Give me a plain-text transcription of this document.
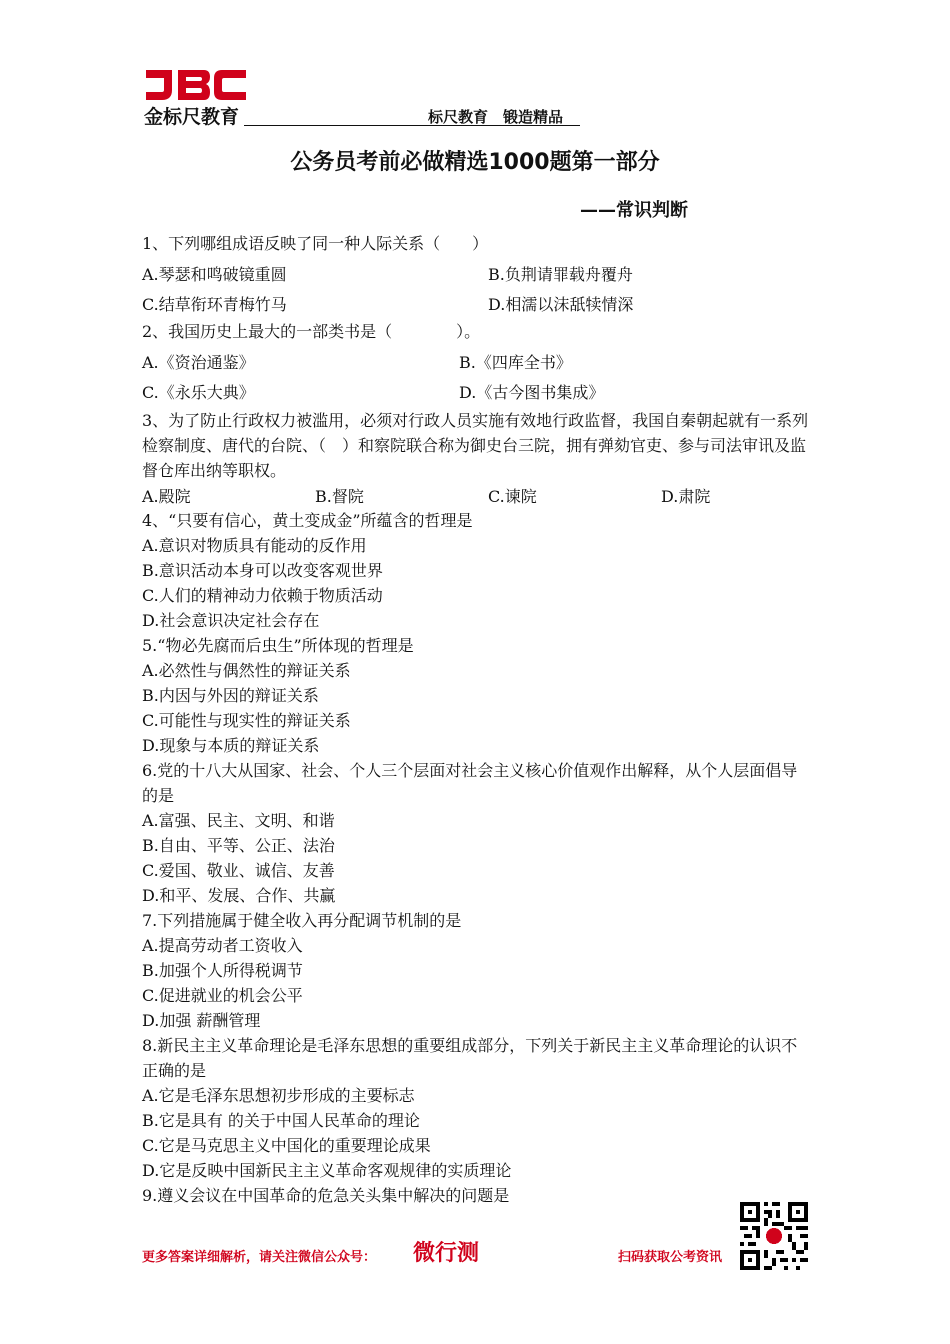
金标尺教育	标尺教育　锻造精品
公务员考前必做精选1000题第一部分
——常识判断
1、下列哪组成语反映了同一种人际关系（　　）
A.琴瑟和鸣破镜重圆	B.负荆请罪载舟覆舟
C.结草衔环青梅竹马	D.相濡以沫舐犊情深
2、我国历史上最大的一部类书是（　　　　）。
A.《资治通鉴》	B.《四库全书》
C.《永乐大典》	D.《古今图书集成》
3、为了防止行政权力被滥用，必须对行政人员实施有效地行政监督，我国自秦朝起就有一系列检察制度、唐代的台院、（　）和察院联合称为御史台三院，拥有弹劾官吏、参与司法审讯及监督仓库出纳等职权。
A.殿院	B.督院	C.谏院	D.肃院
4、“只要有信心，黄土变成金”所蕴含的哲理是
A.意识对物质具有能动的反作用
B.意识活动本身可以改变客观世界
C.人们的精神动力依赖于物质活动
D.社会意识决定社会存在
5.“物必先腐而后虫生”所体现的哲理是
A.必然性与偶然性的辩证关系
B.内因与外因的辩证关系
C.可能性与现实性的辩证关系
D.现象与本质的辩证关系
6.党的十八大从国家、社会、个人三个层面对社会主义核心价值观作出解释，从个人层面倡导的是
A.富强、民主、文明、和谐
B.自由、平等、公正、法治
C.爱国、敬业、诚信、友善
D.和平、发展、合作、共赢
7.下列措施属于健全收入再分配调节机制的是
A.提高劳动者工资收入
B.加强个人所得税调节
C.促进就业的机会公平
D.加强 薪酬管理
8.新民主主义革命理论是毛泽东思想的重要组成部分，下列关于新民主主义革命理论的认识不正确的是
A.它是毛泽东思想初步形成的主要标志
B.它是具有 的关于中国人民革命的理论
C.它是马克思主义中国化的重要理论成果
D.它是反映中国新民主主义革命客观规律的实质理论
9.遵义会议在中国革命的危急关头集中解决的问题是
更多答案详细解析，请关注微信公众号： 微行测	扫码获取公考资讯
